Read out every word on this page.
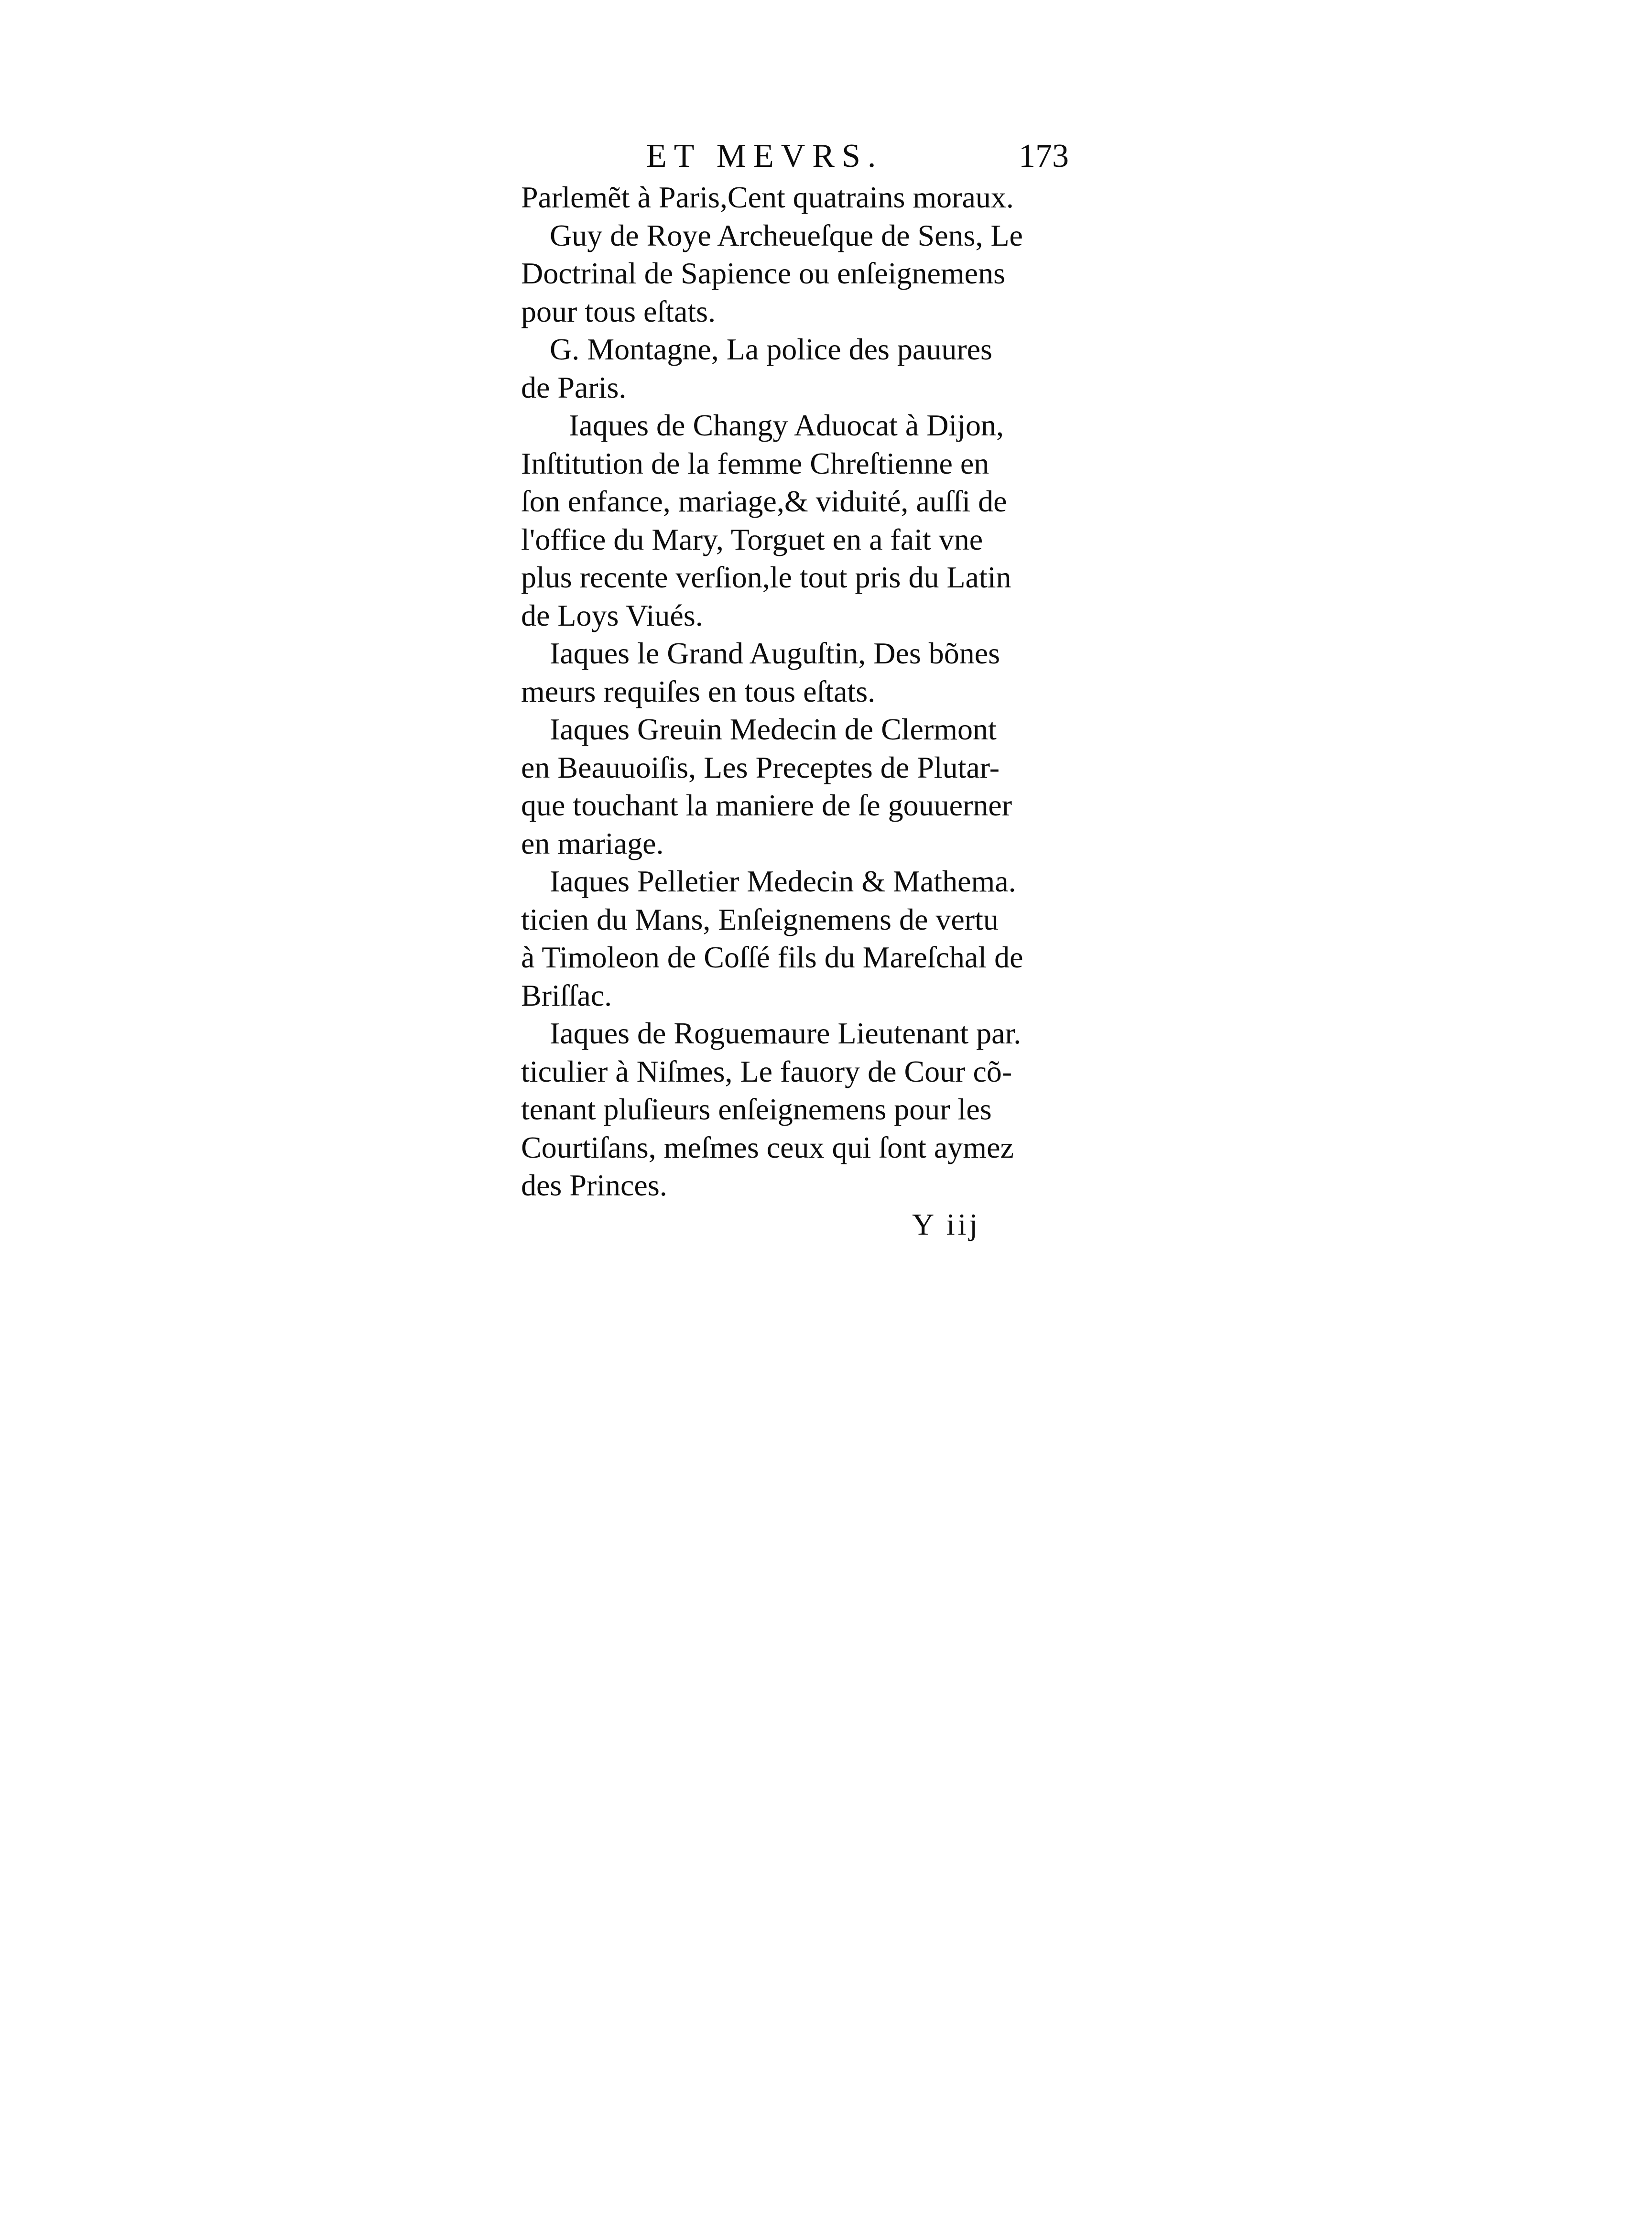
ET MEVRS.	173
Parlemẽt à Paris,Cent quatrains moraux.
Guy de Roye Archeueſque de Sens, Le
Doctrinal de Sapience ou enſeignemens
pour tous eſtats.
G. Montagne, La police des pauures
de Paris.
Iaques de Changy Aduocat à Dijon,
Inſtitution de la femme Chreſtienne en
ſon enfance, mariage,& viduité, auſſi de
l'office du Mary, Torguet en a fait vne
plus recente verſion,le tout pris du Latin
de Loys Viués.
Iaques le Grand Auguſtin, Des bõnes
meurs requiſes en tous eſtats.
Iaques Greuin Medecin de Clermont
en Beauuoiſis, Les Preceptes de Plutar-
que touchant la maniere de ſe gouuerner
en mariage.
Iaques Pelletier Medecin & Mathema.
ticien du Mans, Enſeignemens de vertu
à Timoleon de Coſſé fils du Mareſchal de
Briſſac.
Iaques de Roguemaure Lieutenant par.
ticulier à Niſmes, Le fauory de Cour cõ-
tenant pluſieurs enſeignemens pour les
Courtiſans, meſmes ceux qui ſont aymez
des Princes.
Y iij
